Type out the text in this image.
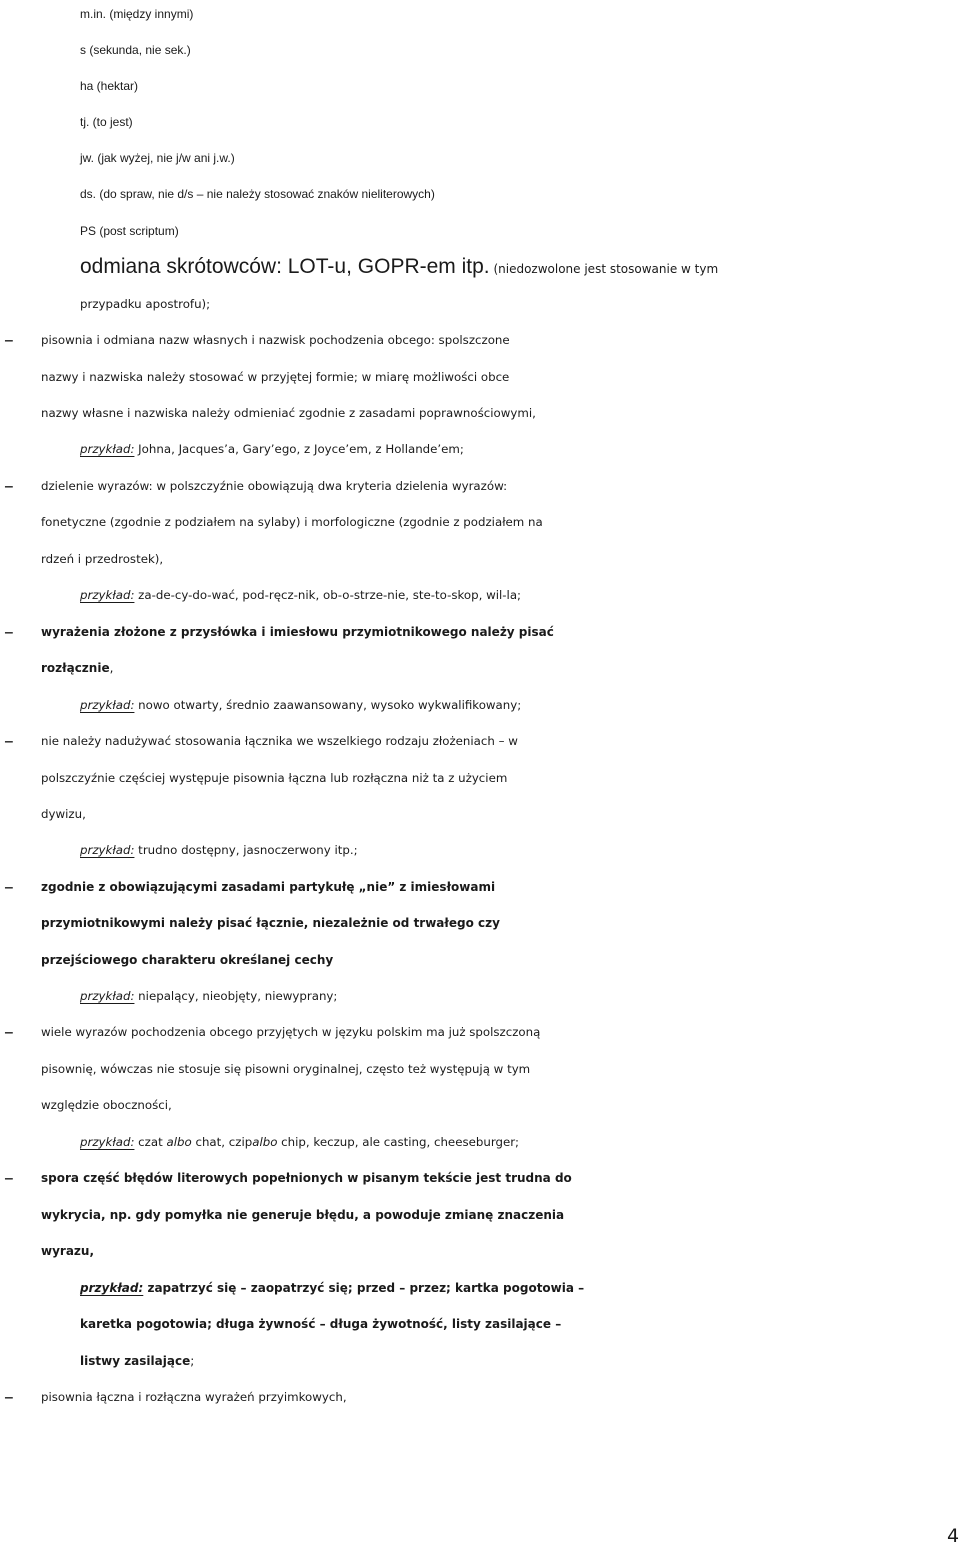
m.in. (między innymi)
s (sekunda, nie sek.)
ha (hektar)
tj. (to jest)
jw. (jak wyżej, nie j/w ani j.w.)
ds. (do spraw, nie d/s – nie należy stosować znaków nieliterowych)
PS (post scriptum)
odmiana skrótowców: LOT-u, GOPR-em itp. (niedozwolone jest stosowanie w tym
przypadku apostrofu);
–	pisownia i odmiana nazw własnych i nazwisk pochodzenia obcego: spolszczone
nazwy i nazwiska należy stosować w przyjętej formie; w miarę możliwości obce
nazwy własne i nazwiska należy odmieniać zgodnie z zasadami poprawnościowymi,
przykład: Johna, Jacques’a, Gary’ego, z Joyce’em, z Hollande’em;
–	dzielenie wyrazów: w polszczyźnie obowiązują dwa kryteria dzielenia wyrazów:
fonetyczne (zgodnie z podziałem na sylaby) i morfologiczne (zgodnie z podziałem na
rdzeń i przedrostek),
przykład: za-de-cy-do-wać, pod-ręcz-nik, ob-o-strze-nie, ste-to-skop, wil-la;
–	wyrażenia złożone z przysłówka i imiesłowu przymiotnikowego należy pisać
rozłącznie,
przykład: nowo otwarty, średnio zaawansowany, wysoko wykwalifikowany;
–	nie należy nadużywać stosowania łącznika we wszelkiego rodzaju złożeniach – w
polszczyźnie częściej występuje pisownia łączna lub rozłączna niż ta z użyciem
dywizu,
przykład: trudno dostępny, jasnoczerwony itp.;
–	zgodnie z obowiązującymi zasadami partykułę „nie” z imiesłowami
przymiotnikowymi należy pisać łącznie, niezależnie od trwałego czy
przejściowego charakteru określanej cechy
przykład: niepalący, nieobjęty, niewyprany;
–	wiele wyrazów pochodzenia obcego przyjętych w języku polskim ma już spolszczoną
pisownię, wówczas nie stosuje się pisowni oryginalnej, często też występują w tym
względzie oboczności,
przykład: czat albo chat, czipalbo chip, keczup, ale casting, cheeseburger;
–	spora część błędów literowych popełnionych w pisanym tekście jest trudna do
wykrycia, np. gdy pomyłka nie generuje błędu, a powoduje zmianę znaczenia
wyrazu,
przykład: zapatrzyć się – zaopatrzyć się; przed – przez; kartka pogotowia –
karetka pogotowia; długa żywność – długa żywotność, listy zasilające –
listwy zasilające;
–	pisownia łączna i rozłączna wyrażeń przyimkowych,
4
